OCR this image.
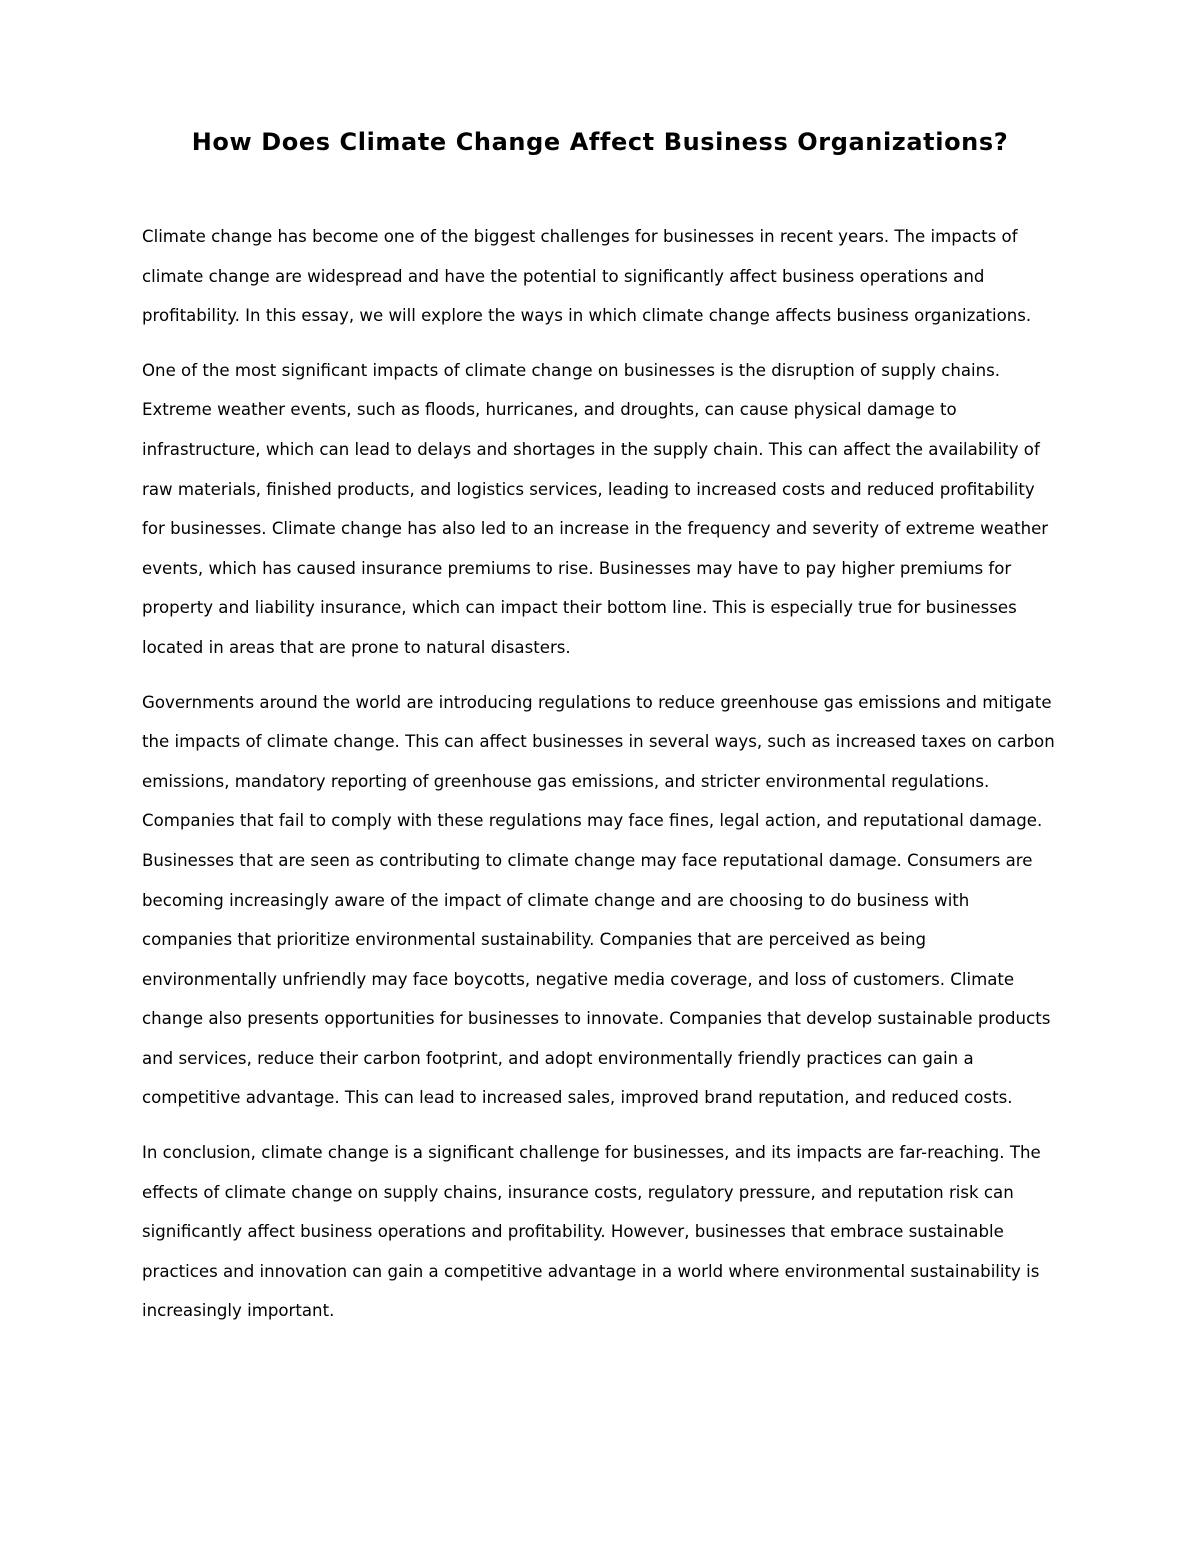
How Does Climate Change Affect Business Organizations?

Climate change has become one of the biggest challenges for businesses in recent years. The impacts of climate change are widespread and have the potential to significantly affect business operations and profitability. In this essay, we will explore the ways in which climate change affects business organizations.

One of the most significant impacts of climate change on businesses is the disruption of supply chains. Extreme weather events, such as floods, hurricanes, and droughts, can cause physical damage to infrastructure, which can lead to delays and shortages in the supply chain. This can affect the availability of raw materials, finished products, and logistics services, leading to increased costs and reduced profitability for businesses. Climate change has also led to an increase in the frequency and severity of extreme weather events, which has caused insurance premiums to rise. Businesses may have to pay higher premiums for property and liability insurance, which can impact their bottom line. This is especially true for businesses located in areas that are prone to natural disasters.

Governments around the world are introducing regulations to reduce greenhouse gas emissions and mitigate the impacts of climate change. This can affect businesses in several ways, such as increased taxes on carbon emissions, mandatory reporting of greenhouse gas emissions, and stricter environmental regulations. Companies that fail to comply with these regulations may face fines, legal action, and reputational damage. Businesses that are seen as contributing to climate change may face reputational damage. Consumers are becoming increasingly aware of the impact of climate change and are choosing to do business with companies that prioritize environmental sustainability. Companies that are perceived as being environmentally unfriendly may face boycotts, negative media coverage, and loss of customers. Climate change also presents opportunities for businesses to innovate. Companies that develop sustainable products and services, reduce their carbon footprint, and adopt environmentally friendly practices can gain a competitive advantage. This can lead to increased sales, improved brand reputation, and reduced costs.

In conclusion, climate change is a significant challenge for businesses, and its impacts are far-reaching. The effects of climate change on supply chains, insurance costs, regulatory pressure, and reputation risk can significantly affect business operations and profitability. However, businesses that embrace sustainable practices and innovation can gain a competitive advantage in a world where environmental sustainability is increasingly important.
